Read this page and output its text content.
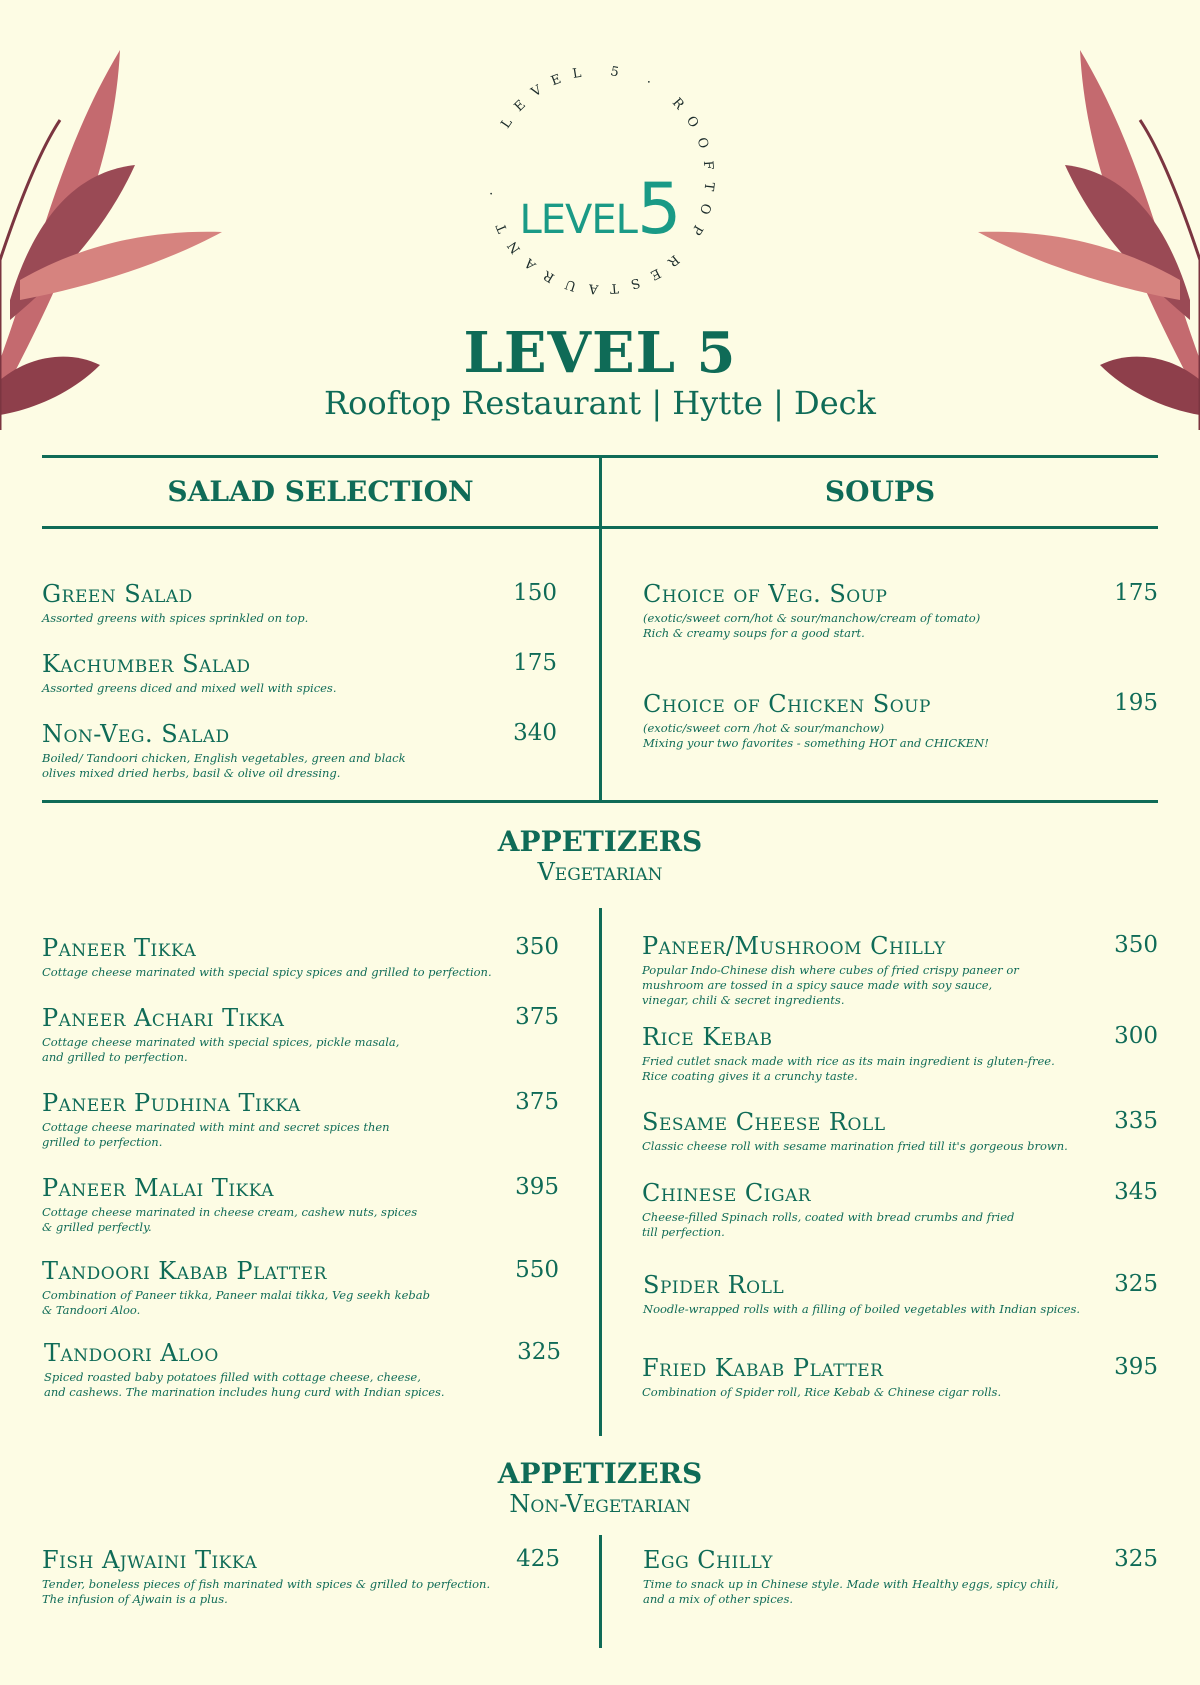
LEVEL 5 · ROOFTOP RESTAURANT ·
LEVEL5
LEVEL 5
Rooftop Restaurant | Hytte | Deck
SALAD SELECTION	SOUPS
Green Salad	150
Assorted greens with spices sprinkled on top.
Kachumber Salad	175
Assorted greens diced and mixed well with spices.
Non-Veg. Salad	340
Boiled/ Tandoori chicken, English vegetables, green and black
olives mixed dried herbs, basil & olive oil dressing.
Choice of Veg. Soup	175
(exotic/sweet corn/hot & sour/manchow/cream of tomato)
Rich & creamy soups for a good start.
Choice of Chicken Soup	195
(exotic/sweet corn /hot & sour/manchow)
Mixing your two favorites - something HOT and CHICKEN!
APPETIZERS
Vegetarian
Paneer Tikka	350
Cottage cheese marinated with special spicy spices and grilled to perfection.
Paneer Achari Tikka	375
Cottage cheese marinated with special spices, pickle masala,
and grilled to perfection.
Paneer Pudhina Tikka	375
Cottage cheese marinated with mint and secret spices then
grilled to perfection.
Paneer Malai Tikka	395
Cottage cheese marinated in cheese cream, cashew nuts, spices
& grilled perfectly.
Tandoori Kabab Platter	550
Combination of Paneer tikka, Paneer malai tikka, Veg seekh kebab
& Tandoori Aloo.
Tandoori Aloo	325
Spiced roasted baby potatoes filled with cottage cheese, cheese,
and cashews. The marination includes hung curd with Indian spices.
Paneer/Mushroom Chilly	350
Popular Indo-Chinese dish where cubes of fried crispy paneer or
mushroom are tossed in a spicy sauce made with soy sauce,
vinegar, chili & secret ingredients.
Rice Kebab	300
Fried cutlet snack made with rice as its main ingredient is gluten-free.
Rice coating gives it a crunchy taste.
Sesame Cheese Roll	335
Classic cheese roll with sesame marination fried till it's gorgeous brown.
Chinese Cigar	345
Cheese-filled Spinach rolls, coated with bread crumbs and fried
till perfection.
Spider Roll	325
Noodle-wrapped rolls with a filling of boiled vegetables with Indian spices.
Fried Kabab Platter	395
Combination of Spider roll, Rice Kebab & Chinese cigar rolls.
APPETIZERS
Non-Vegetarian
Fish Ajwaini Tikka	425
Tender, boneless pieces of fish marinated with spices & grilled to perfection.
The infusion of Ajwain is a plus.
Egg Chilly	325
Time to snack up in Chinese style. Made with Healthy eggs, spicy chili,
and a mix of other spices.
